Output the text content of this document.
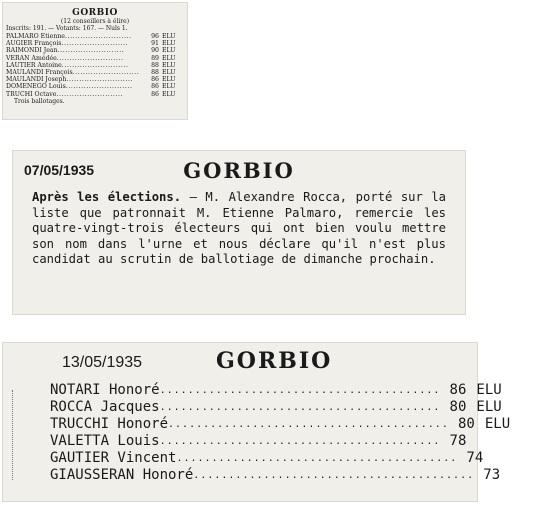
GORBIO
(12 conseillers à élire)
Inscrits: 191. — Votants: 167. — Nuls 1.
PALMARO Etienne ..........................	96 ELU
AUGIER François ..........................	91 ELU
RAIMONDI Jean ..........................	90 ELU
VERAN Amédée ..........................	89 ELU
LAUTIER Antoine ..........................	88 ELU
MAULANDI François ..........................	88 ELU
MAULANDI Joseph ..........................	86 ELU
DOMENEGO Louis ..........................	86 ELU
TRUCHI Octave ..........................	86 ELU
Trois ballotages.
07/05/1935	GORBIO
Après les élections. — M. Alexandre Rocca, porté sur la liste que patronnait M. Etienne Palmaro, remercie les quatre-vingt-trois électeurs qui ont bien voulu mettre son nom dans l'urne et nous déclare qu'il n'est plus candidat au scrutin de ballotiage de dimanche prochain.
13/05/1935	GORBIO
NOTARI Honoré ........................................ 86 ELU
ROCCA Jacques ........................................ 80 ELU
TRUCCHI Honoré ........................................ 80 ELU
VALETTA Louis ........................................ 78
GAUTIER Vincent ........................................ 74
GIAUSSERAN Honoré ........................................ 73
